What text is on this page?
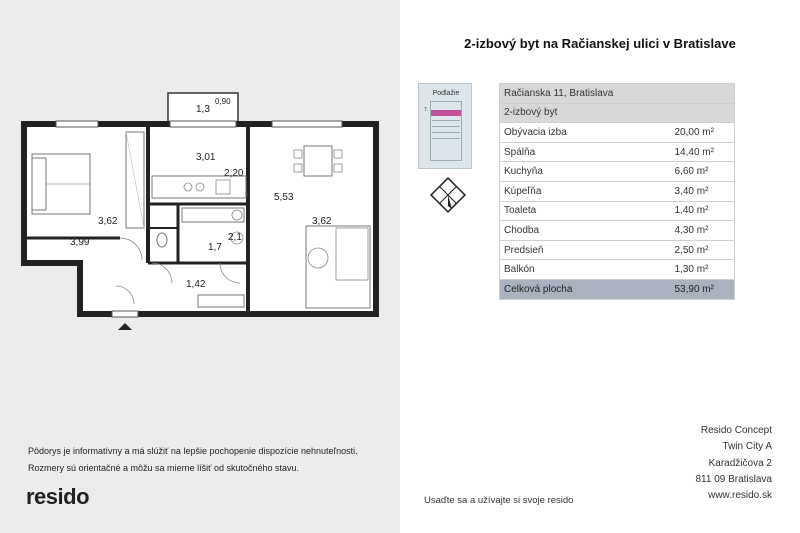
1,3
0,90
3,01
2,20
5,53
3,62
3,62
3,99	1,7
2,1
1,42
Pôdorys je informatívny a má slúžiť na lepšie pochopenie dispozície nehnuteľnosti.
Rozmery sú orientačné a môžu sa mierne líšiť od skutočného stavu.
resido
2-izbový byt na Račianskej ulici v Bratislave
Podlažie
7.
Račianska 11, Bratislava	
2-izbový byt	
Obývacia izba	20,00 m²
Spálňa	14,40 m²
Kuchyňa	6,60 m²
Kúpeľňa	3,40 m²
Toaleta	1,40 m²
Chodba	4,30 m²
Predsieň	2,50 m²
Balkón	1,30 m²
Celková plocha	53,90 m²
Usaďte sa a užívajte si svoje resido
Resido Concept
Twin City A
Karadžičova 2
811 09 Bratislava
www.resido.sk
